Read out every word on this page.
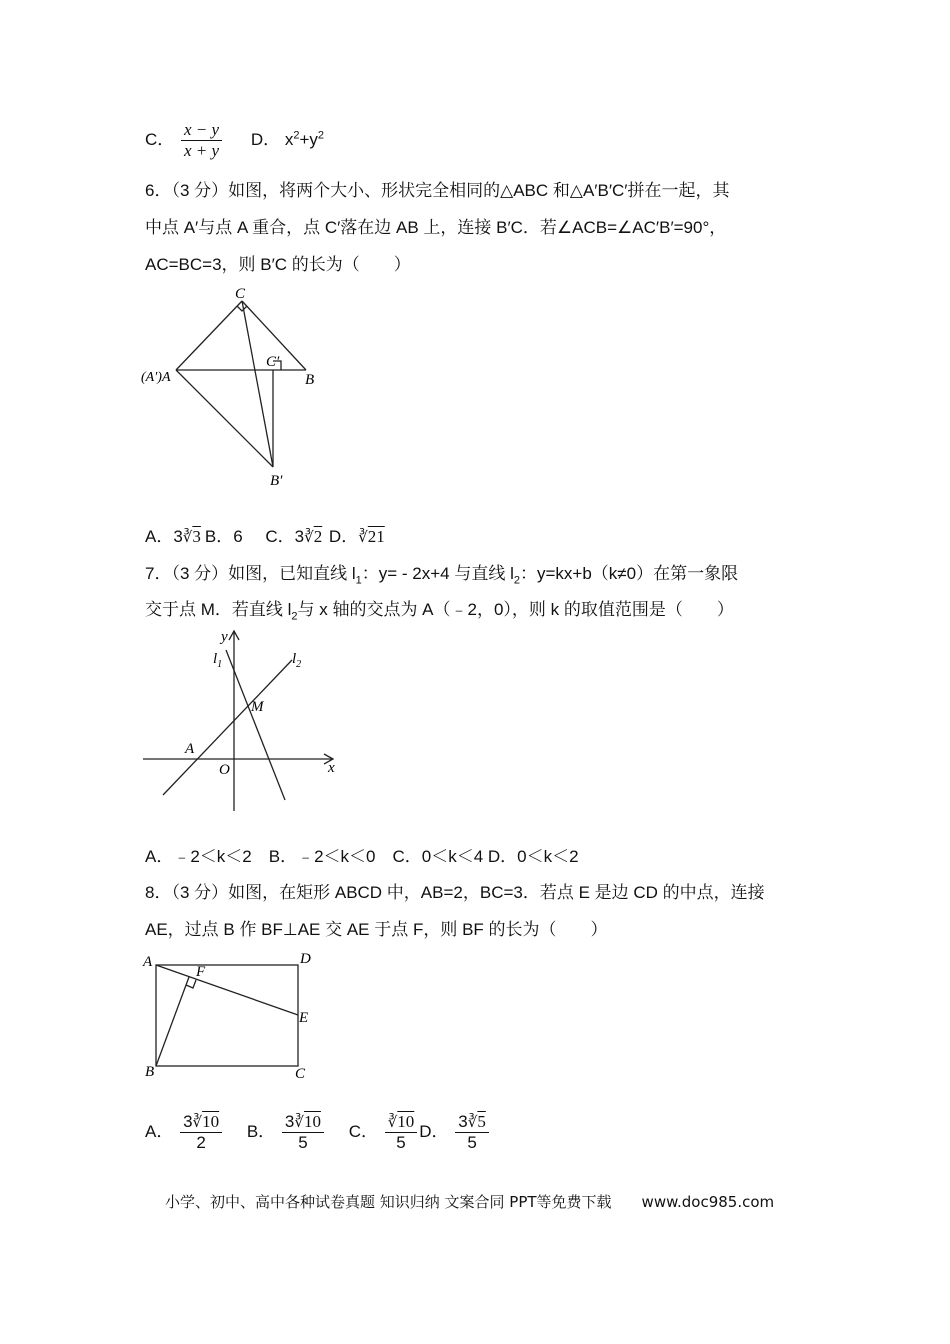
C． $\frac{x - y}{x + y}$ D． $x^2+y^2$
6．（3 分）如图，将两个大小、形状完全相同的△ABC 和△A′B′C′拼在一起，其
中点 A′与点 A 重合，点 C′落在边 AB 上，连接 B′C．若∠ACB=∠AC′B′=90°，
AC=BC=3，则 B′C 的长为（　　）
C
C′
(A′)A	B
B′
A．3∛3 B．6 C．3∛2 D．∛21
7．（3 分）如图，已知直线 $l_1$：y= ‐ 2x+4 与直线 $l_2$：y=kx+b（k≠0）在第一象限
交于点 M．若直线 $l_2$与 x 轴的交点为 A（﹣2，0），则 k 的取值范围是（　　）
y
$l_1$	$l_2$
M
A
O	x
A．﹣2＜k＜2　B．﹣2＜k＜0　C．0＜k＜4 D．0＜k＜2
8．（3 分）如图，在矩形 ABCD 中，AB=2，BC=3．若点 E 是边 CD 的中点，连接
AE，过点 B 作 BF⊥AE 交 AE 于点 F，则 BF 的长为（　　）
A
F
D
E
B	C
A． $\frac{3∛10}{2}$ B． $\frac{3∛10}{5}$ C． $\frac{∛10}{5}$ D． $\frac{3∛5}{5}$
小学、初中、高中各种试卷真题 知识归纳 文案合同 PPT等免费下载　　www.doc985.com
